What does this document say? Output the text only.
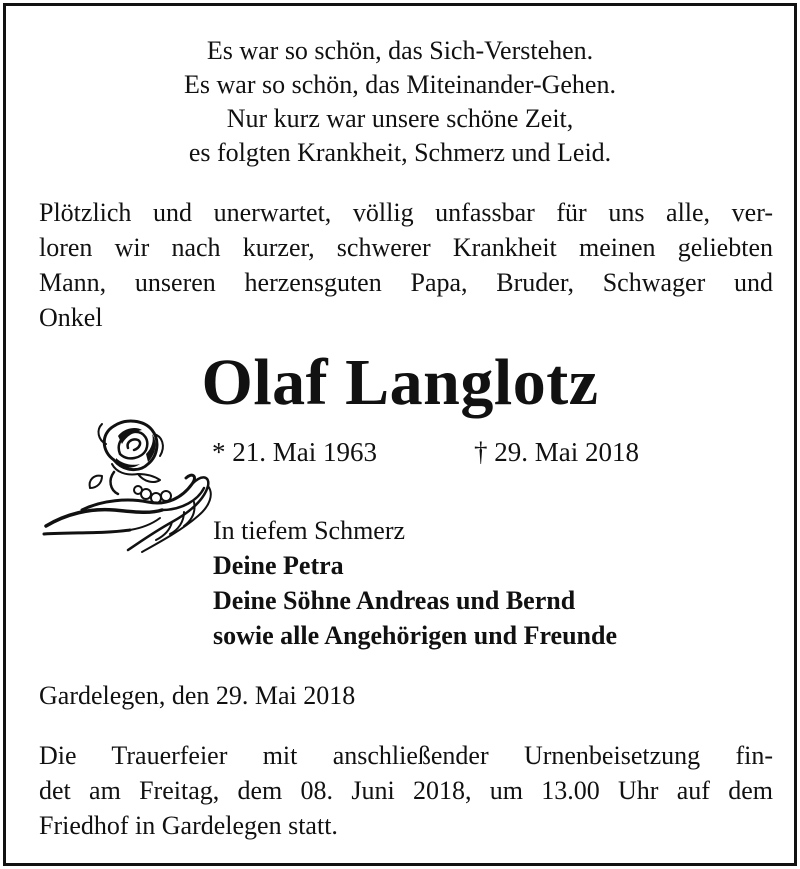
Es war so schön, das Sich-Verstehen.
Es war so schön, das Miteinander-Gehen.
Nur kurz war unsere schöne Zeit,
es folgten Krankheit, Schmerz und Leid.
Plötzlich und unerwartet, völlig unfassbar für uns alle, ver-
loren wir nach kurzer, schwerer Krankheit meinen geliebten
Mann, unseren herzensguten Papa, Bruder, Schwager und
Onkel
Olaf Langlotz
* 21. Mai 1963	† 29. Mai 2018
In tiefem Schmerz
Deine Petra
Deine Söhne Andreas und Bernd
sowie alle Angehörigen und Freunde
Gardelegen, den 29. Mai 2018
Die Trauerfeier mit anschließender Urnenbeisetzung fin-
det am Freitag, dem 08. Juni 2018, um 13.00 Uhr auf dem
Friedhof in Gardelegen statt.
